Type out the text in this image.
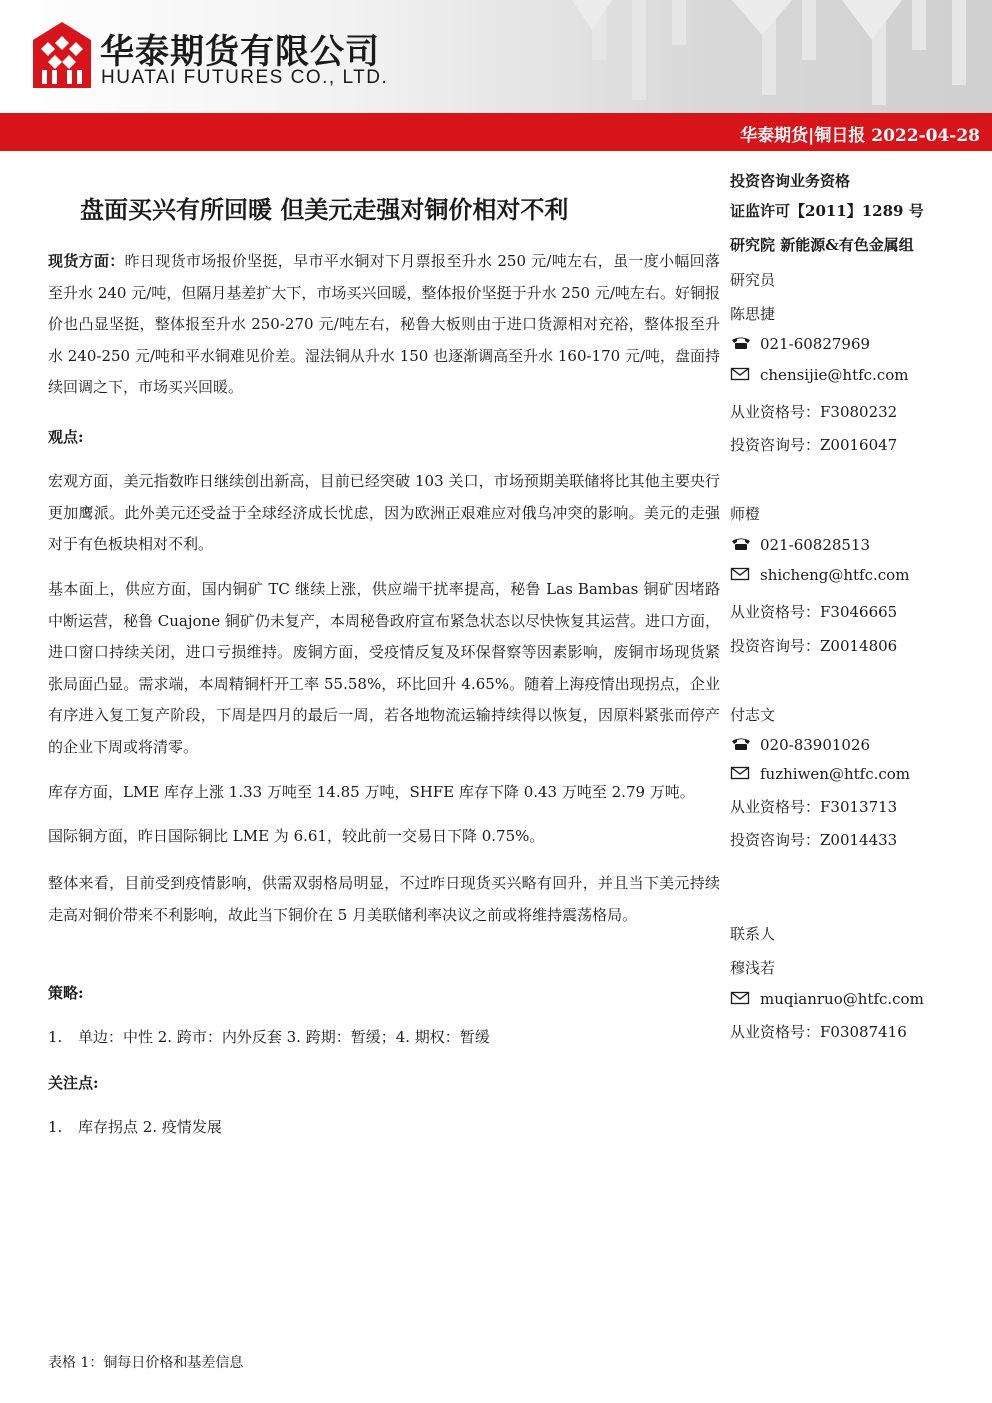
华泰期货有限公司
HUATAI FUTURES CO., LTD.
华泰期货|铜日报 2022-04-28
盘面买兴有所回暖 但美元走强对铜价相对不利

现货方面：昨日现货市场报价坚挺，早市平水铜对下月票报至升水 250 元/吨左右，虽一度小幅回落至升水 240 元/吨，但隔月基差扩大下，市场买兴回暖，整体报价坚挺于升水 250 元/吨左右。好铜报价也凸显坚挺，整体报至升水 250-270 元/吨左右，秘鲁大板则由于进口货源相对充裕，整体报至升水 240-250 元/吨和平水铜难见价差。湿法铜从升水 150 也逐渐调高至升水 160-170 元/吨，盘面持续回调之下，市场买兴回暖。

观点:

宏观方面，美元指数昨日继续创出新高，目前已经突破 103 关口，市场预期美联储将比其他主要央行更加鹰派。此外美元还受益于全球经济成长忧虑，因为欧洲正艰难应对俄乌冲突的影响。美元的走强对于有色板块相对不利。

基本面上，供应方面，国内铜矿 TC 继续上涨，供应端干扰率提高，秘鲁 Las Bambas 铜矿因堵路中断运营，秘鲁 Cuajone 铜矿仍未复产，本周秘鲁政府宣布紧急状态以尽快恢复其运营。进口方面，进口窗口持续关闭，进口亏损维持。废铜方面，受疫情反复及环保督察等因素影响，废铜市场现货紧张局面凸显。需求端，本周精铜杆开工率 55.58%，环比回升 4.65%。随着上海疫情出现拐点，企业有序进入复工复产阶段，下周是四月的最后一周，若各地物流运输持续得以恢复，因原料紧张而停产的企业下周或将清零。

库存方面，LME 库存上涨 1.33 万吨至 14.85 万吨，SHFE 库存下降 0.43 万吨至 2.79 万吨。

国际铜方面，昨日国际铜比 LME 为 6.61，较此前一交易日下降 0.75%。

整体来看，目前受到疫情影响，供需双弱格局明显，不过昨日现货买兴略有回升，并且当下美元持续走高对铜价带来不利影响，故此当下铜价在 5 月美联储利率决议之前或将维持震荡格局。

策略:
1. 单边：中性 2. 跨市：内外反套 3. 跨期：暂缓；4. 期权：暂缓
关注点:
1. 库存拐点 2. 疫情发展
表格 1：铜每日价格和基差信息
投资咨询业务资格
证监许可【2011】1289 号
研究院 新能源&有色金属组
研究员
陈思捷
021-60827969
chensijie@htfc.com
从业资格号：F3080232
投资咨询号：Z0016047
师橙
021-60828513
shicheng@htfc.com
从业资格号：F3046665
投资咨询号：Z0014806
付志文
020-83901026
fuzhiwen@htfc.com
从业资格号：F3013713
投资咨询号：Z0014433
联系人
穆浅若
muqianruo@htfc.com
从业资格号：F03087416
